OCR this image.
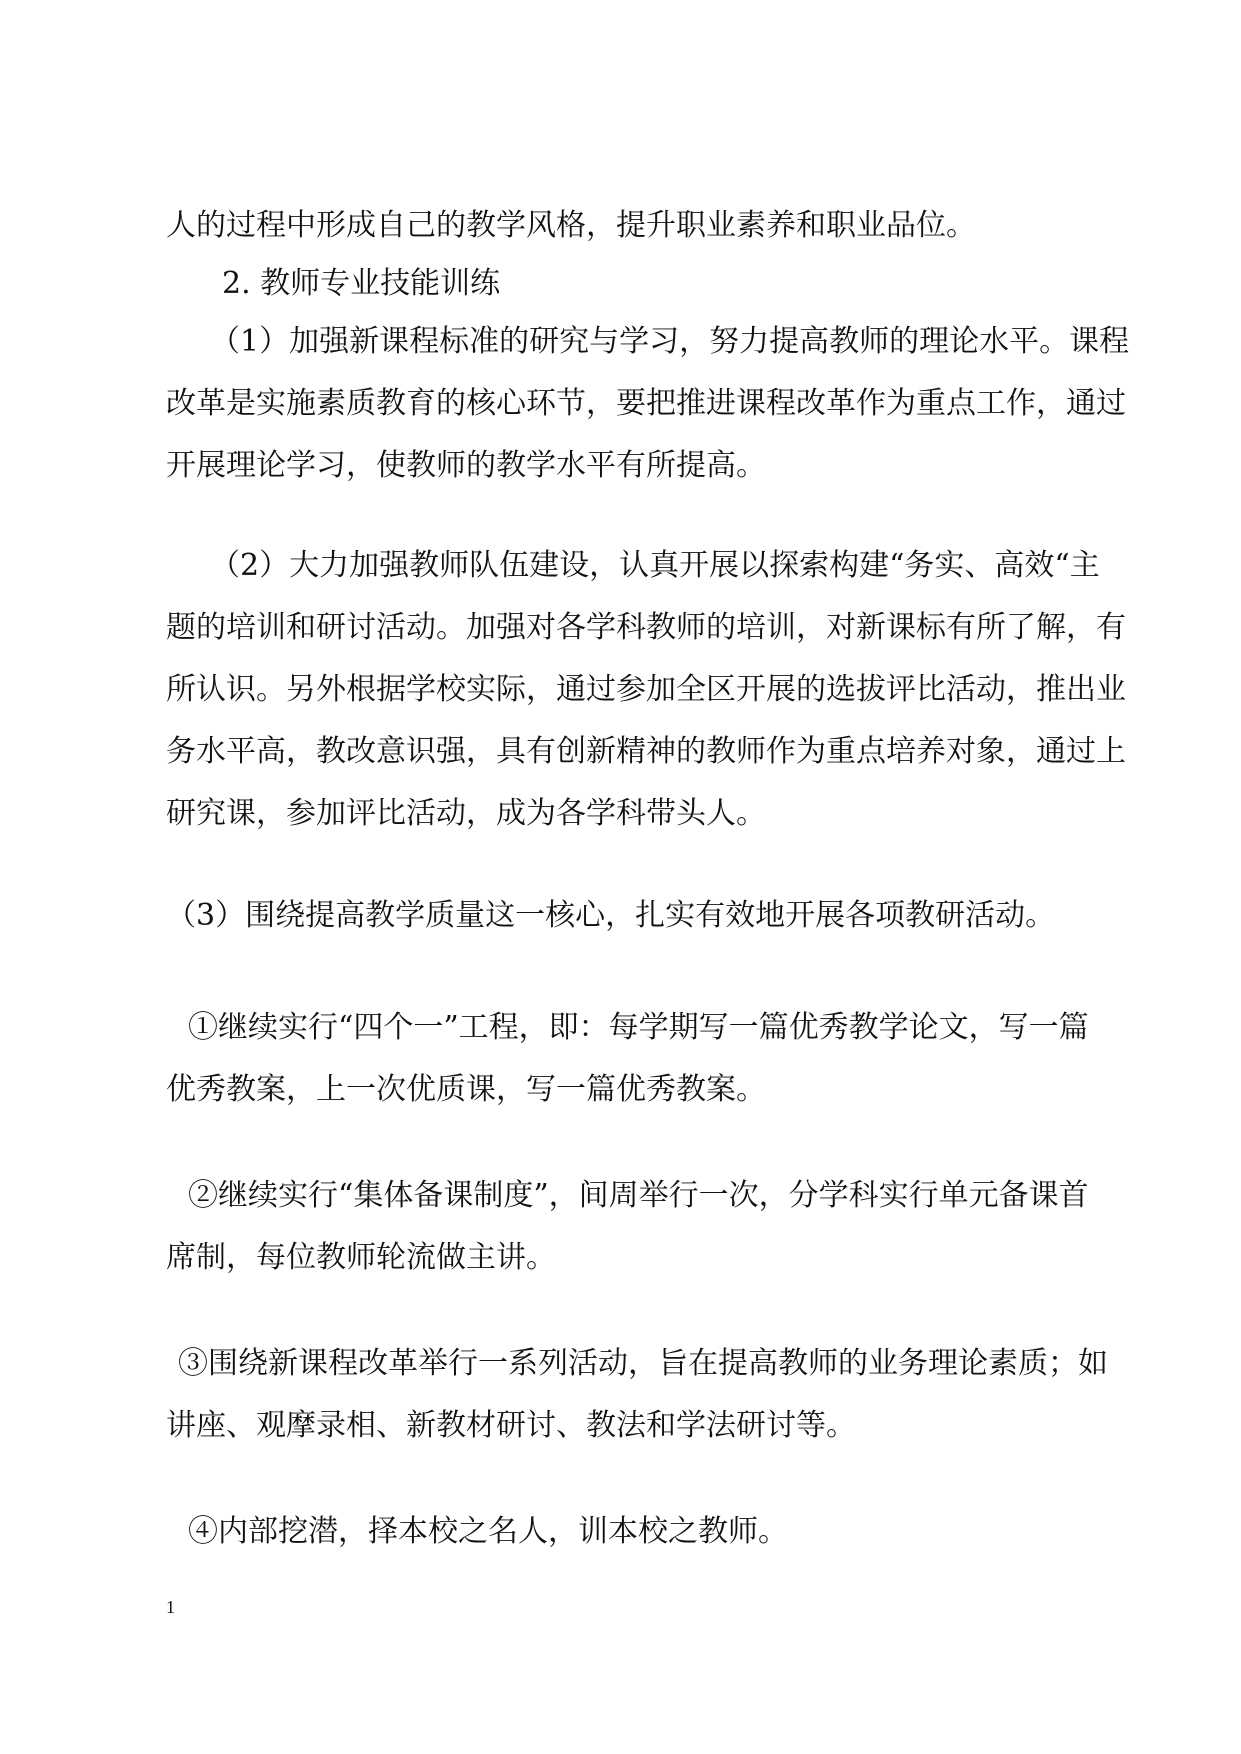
人的过程中形成自己的教学风格，提升职业素养和职业品位。
2. 教师专业技能训练
（1）加强新课程标准的研究与学习，努力提高教师的理论水平。课程
改革是实施素质教育的核心环节，要把推进课程改革作为重点工作，通过
开展理论学习，使教师的教学水平有所提高。
（2）大力加强教师队伍建设，认真开展以探索构建“务实、高效“主
题的培训和研讨活动。加强对各学科教师的培训，对新课标有所了解，有
所认识。另外根据学校实际，通过参加全区开展的选拔评比活动，推出业
务水平高，教改意识强，具有创新精神的教师作为重点培养对象，通过上
研究课，参加评比活动，成为各学科带头人。
（3）围绕提高教学质量这一核心，扎实有效地开展各项教研活动。
①继续实行“四个一”工程，即：每学期写一篇优秀教学论文，写一篇
优秀教案，上一次优质课，写一篇优秀教案。
②继续实行“集体备课制度”，间周举行一次，分学科实行单元备课首
席制，每位教师轮流做主讲。
③围绕新课程改革举行一系列活动，旨在提高教师的业务理论素质；如
讲座、观摩录相、新教材研讨、教法和学法研讨等。
④内部挖潜，择本校之名人，训本校之教师。
1
